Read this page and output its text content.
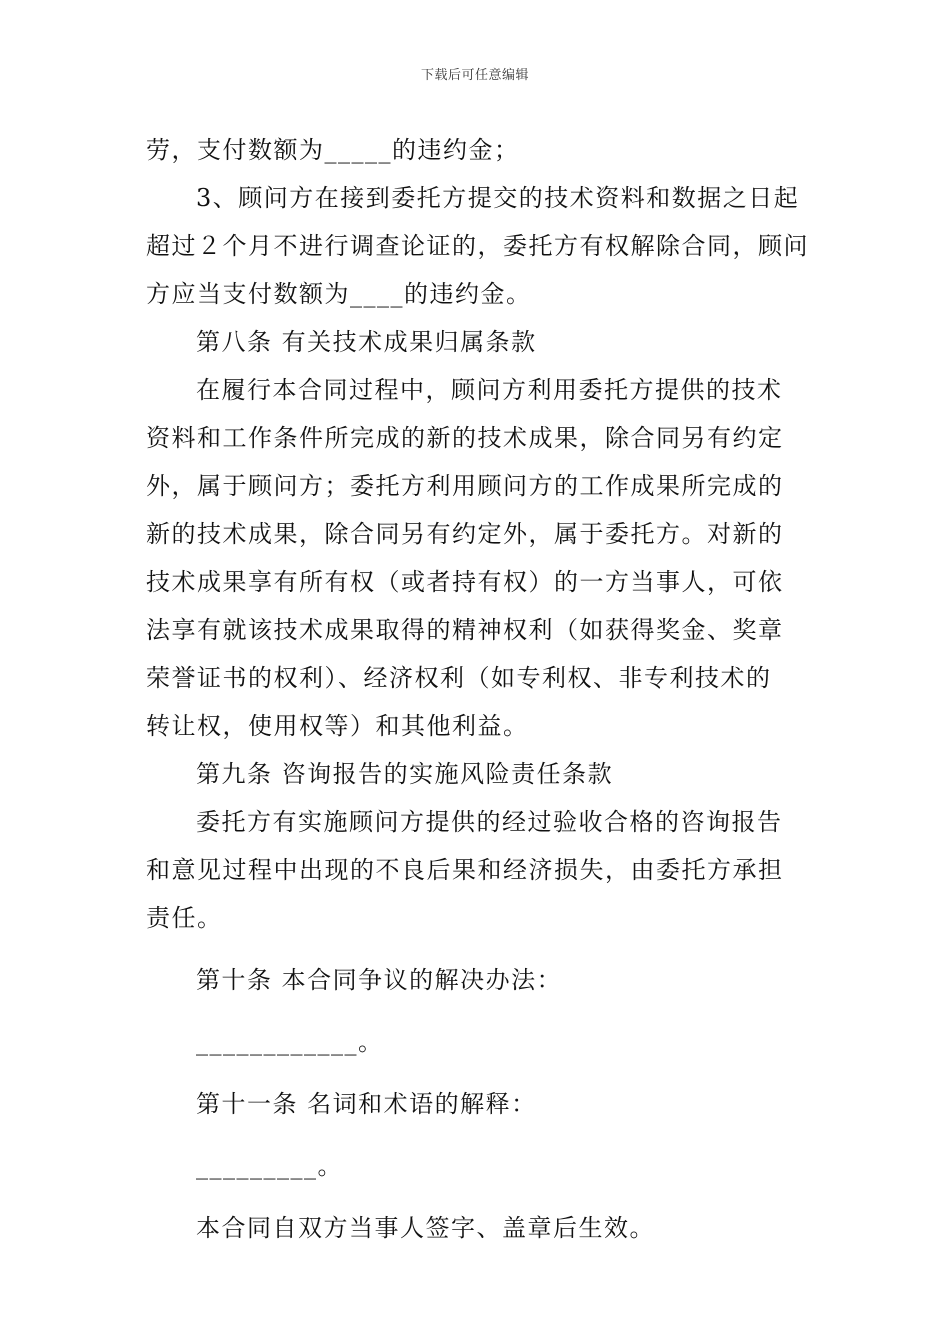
下载后可任意编辑
劳，支付数额为_____的违约金；
3、顾问方在接到委托方提交的技术资料和数据之日起
超过２个月不进行调查论证的，委托方有权解除合同，顾问
方应当支付数额为____的违约金。
第八条 有关技术成果归属条款
在履行本合同过程中，顾问方利用委托方提供的技术
资料和工作条件所完成的新的技术成果，除合同另有约定
外，属于顾问方；委托方利用顾问方的工作成果所完成的
新的技术成果，除合同另有约定外，属于委托方。对新的
技术成果享有所有权（或者持有权）的一方当事人，可依
法享有就该技术成果取得的精神权利（如获得奖金、奖章
荣誉证书的权利）、经济权利（如专利权、非专利技术的
转让权，使用权等）和其他利益。
第九条 咨询报告的实施风险责任条款
委托方有实施顾问方提供的经过验收合格的咨询报告
和意见过程中出现的不良后果和经济损失，由委托方承担
责任。
第十条 本合同争议的解决办法：
____________。
第十一条 名词和术语的解释：
_________。
本合同自双方当事人签字、盖章后生效。
